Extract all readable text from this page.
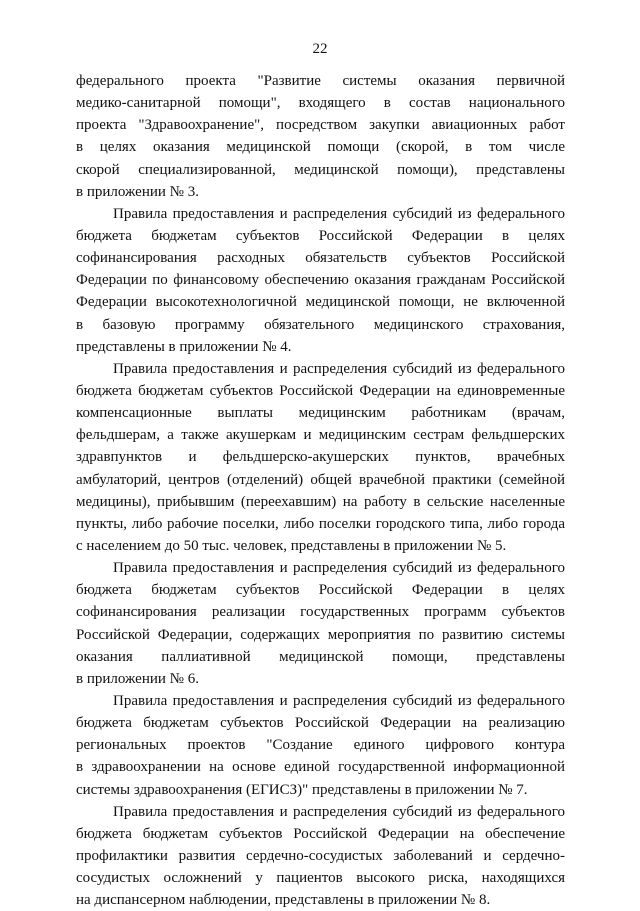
22
федерального проекта "Развитие системы оказания первичной
медико-санитарной помощи", входящего в состав национального
проекта "Здравоохранение", посредством закупки авиационных работ
в целях оказания медицинской помощи (скорой, в том числе
скорой специализированной, медицинской помощи), представлены
в приложении № 3.
Правила предоставления и распределения субсидий из федерального
бюджета бюджетам субъектов Российской Федерации в целях
софинансирования расходных обязательств субъектов Российской
Федерации по финансовому обеспечению оказания гражданам Российской
Федерации высокотехнологичной медицинской помощи, не включенной
в базовую программу обязательного медицинского страхования,
представлены в приложении № 4.
Правила предоставления и распределения субсидий из федерального
бюджета бюджетам субъектов Российской Федерации на единовременные
компенсационные выплаты медицинским работникам (врачам,
фельдшерам, а также акушеркам и медицинским сестрам фельдшерских
здравпунктов и фельдшерско-акушерских пунктов, врачебных
амбулаторий, центров (отделений) общей врачебной практики (семейной
медицины), прибывшим (переехавшим) на работу в сельские населенные
пункты, либо рабочие поселки, либо поселки городского типа, либо города
с населением до 50 тыс. человек, представлены в приложении № 5.
Правила предоставления и распределения субсидий из федерального
бюджета бюджетам субъектов Российской Федерации в целях
софинансирования реализации государственных программ субъектов
Российской Федерации, содержащих мероприятия по развитию системы
оказания паллиативной медицинской помощи, представлены
в приложении № 6.
Правила предоставления и распределения субсидий из федерального
бюджета бюджетам субъектов Российской Федерации на реализацию
региональных проектов "Создание единого цифрового контура
в здравоохранении на основе единой государственной информационной
системы здравоохранения (ЕГИСЗ)" представлены в приложении № 7.
Правила предоставления и распределения субсидий из федерального
бюджета бюджетам субъектов Российской Федерации на обеспечение
профилактики развития сердечно-сосудистых заболеваний и сердечно-
сосудистых осложнений у пациентов высокого риска, находящихся
на диспансерном наблюдении, представлены в приложении № 8.
